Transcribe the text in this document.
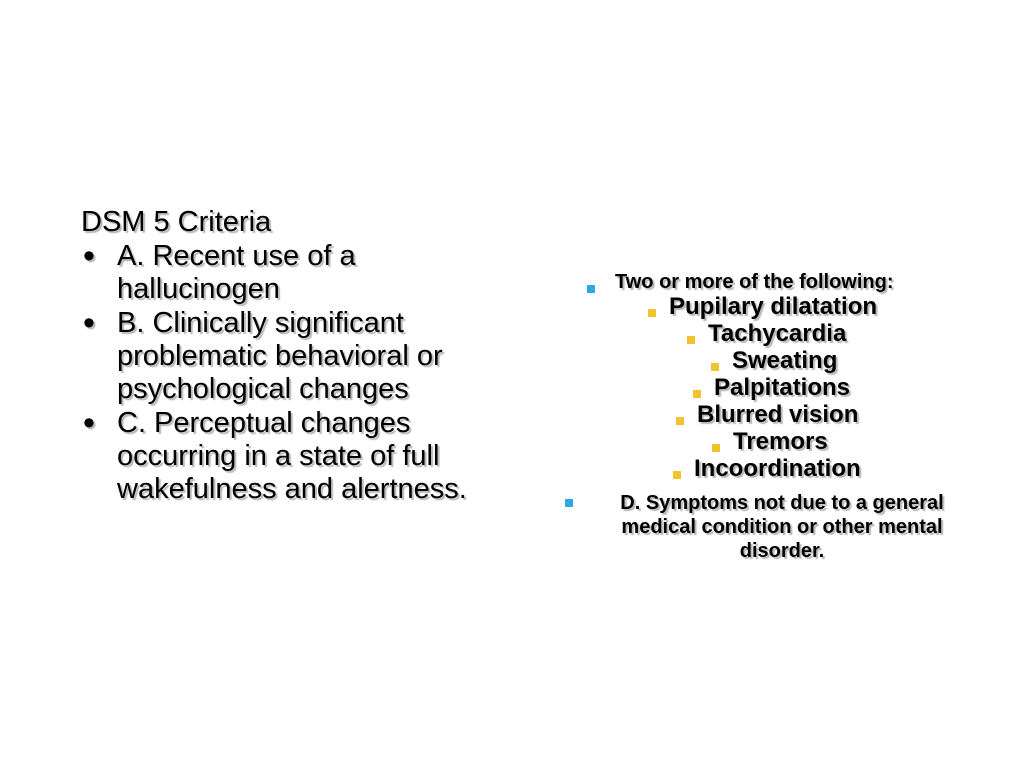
DSM 5 Criteria
• A. Recent use of a hallucinogen
• B. Clinically significant problematic behavioral or psychological changes
• C. Perceptual changes occurring in a state of full wakefulness and alertness.
Two or more of the following:
Pupilary dilatation
Tachycardia
Sweating
Palpitations
Blurred vision
Tremors
Incoordination
D. Symptoms not due to a general medical condition or other mental disorder.
